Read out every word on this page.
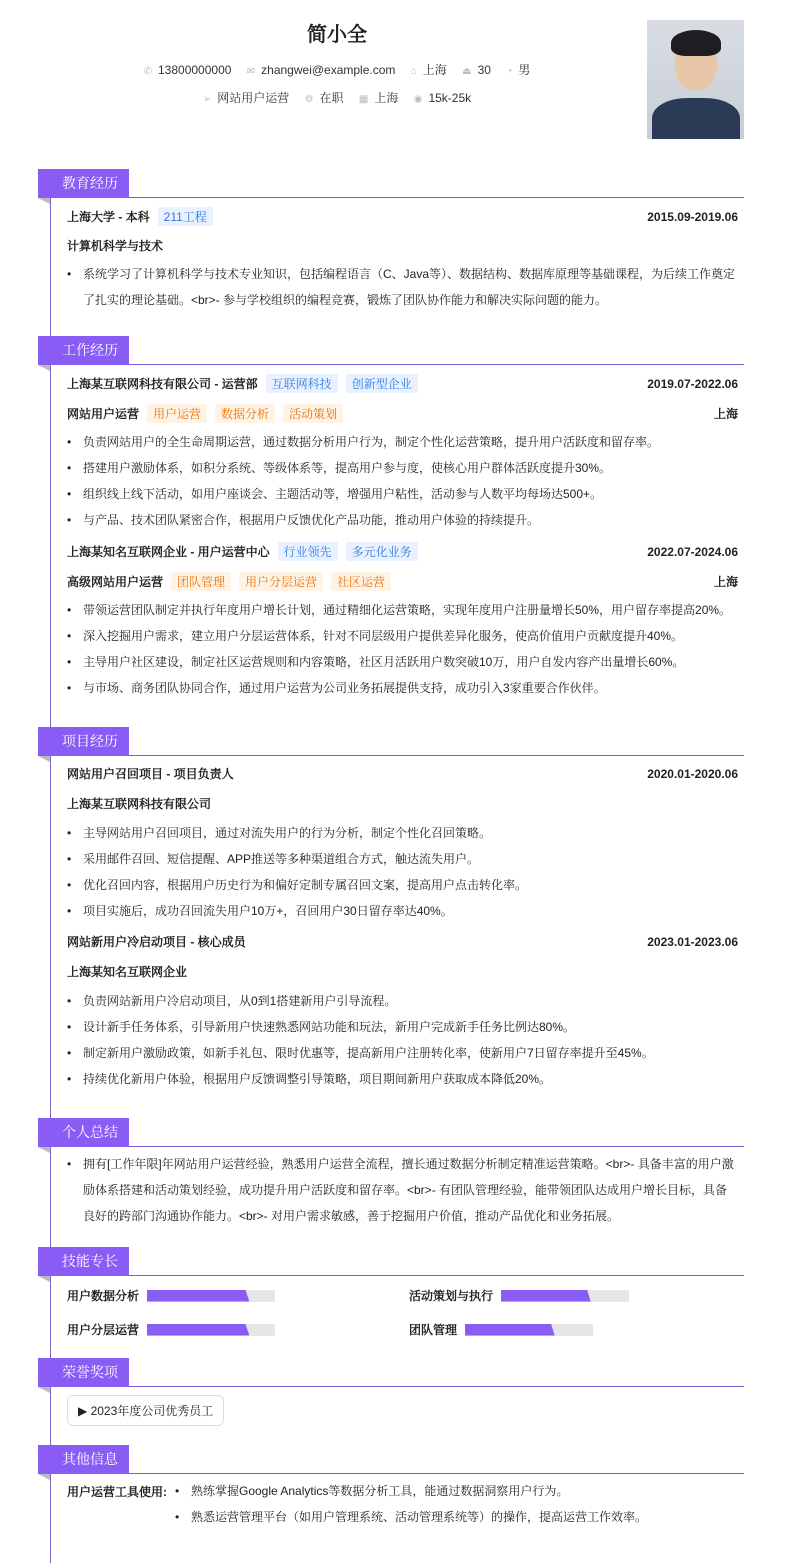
简小全
✆ 13800000000 ✉ zhangwei@example.com ⌂ 上海 ⏏ 30 ◔ 男
➢ 网站用户运营 ⚙ 在职 ▦ 上海 ◉ 15k-25k
教育经历
上海大学 - 本科	211工程	2015.09-2019.06
计算机科学与技术
• 系统学习了计算机科学与技术专业知识，包括编程语言（C、Java等）、数据结构、数据库原理等基础课程，为后续工作奠定了扎实的理论基础。<br>- 参与学校组织的编程竞赛，锻炼了团队协作能力和解决实际问题的能力。
工作经历
上海某互联网科技有限公司 - 运营部	互联网科技	创新型企业	2019.07-2022.06
网站用户运营	用户运营	数据分析	活动策划	上海
• 负责网站用户的全生命周期运营，通过数据分析用户行为，制定个性化运营策略，提升用户活跃度和留存率。
• 搭建用户激励体系，如积分系统、等级体系等，提高用户参与度，使核心用户群体活跃度提升30%。
• 组织线上线下活动，如用户座谈会、主题活动等，增强用户粘性，活动参与人数平均每场达500+。
• 与产品、技术团队紧密合作，根据用户反馈优化产品功能，推动用户体验的持续提升。
上海某知名互联网企业 - 用户运营中心	行业领先	多元化业务	2022.07-2024.06
高级网站用户运营	团队管理	用户分层运营	社区运营	上海
• 带领运营团队制定并执行年度用户增长计划，通过精细化运营策略，实现年度用户注册量增长50%，用户留存率提高20%。
• 深入挖掘用户需求，建立用户分层运营体系，针对不同层级用户提供差异化服务，使高价值用户贡献度提升40%。
• 主导用户社区建设，制定社区运营规则和内容策略，社区月活跃用户数突破10万，用户自发内容产出量增长60%。
• 与市场、商务团队协同合作，通过用户运营为公司业务拓展提供支持，成功引入3家重要合作伙伴。
项目经历
网站用户召回项目 - 项目负责人	2020.01-2020.06
上海某互联网科技有限公司
• 主导网站用户召回项目，通过对流失用户的行为分析，制定个性化召回策略。
• 采用邮件召回、短信提醒、APP推送等多种渠道组合方式，触达流失用户。
• 优化召回内容，根据用户历史行为和偏好定制专属召回文案，提高用户点击转化率。
• 项目实施后，成功召回流失用户10万+，召回用户30日留存率达40%。
网站新用户冷启动项目 - 核心成员	2023.01-2023.06
上海某知名互联网企业
• 负责网站新用户冷启动项目，从0到1搭建新用户引导流程。
• 设计新手任务体系，引导新用户快速熟悉网站功能和玩法，新用户完成新手任务比例达80%。
• 制定新用户激励政策，如新手礼包、限时优惠等，提高新用户注册转化率，使新用户7日留存率提升至45%。
• 持续优化新用户体验，根据用户反馈调整引导策略，项目期间新用户获取成本降低20%。
个人总结
• 拥有[工作年限]年网站用户运营经验，熟悉用户运营全流程，擅长通过数据分析制定精准运营策略。<br>- 具备丰富的用户激励体系搭建和活动策划经验，成功提升用户活跃度和留存率。<br>- 有团队管理经验，能带领团队达成用户增长目标，具备良好的跨部门沟通协作能力。<br>- 对用户需求敏感，善于挖掘用户价值，推动产品优化和业务拓展。
技能专长
用户数据分析	活动策划与执行
用户分层运营	团队管理
荣誉奖项
▶ 2023年度公司优秀员工
其他信息
用户运营工具使用:	• 熟练掌握Google Analytics等数据分析工具，能通过数据洞察用户行为。
• 熟悉运营管理平台（如用户管理系统、活动管理系统等）的操作，提高运营工作效率。
